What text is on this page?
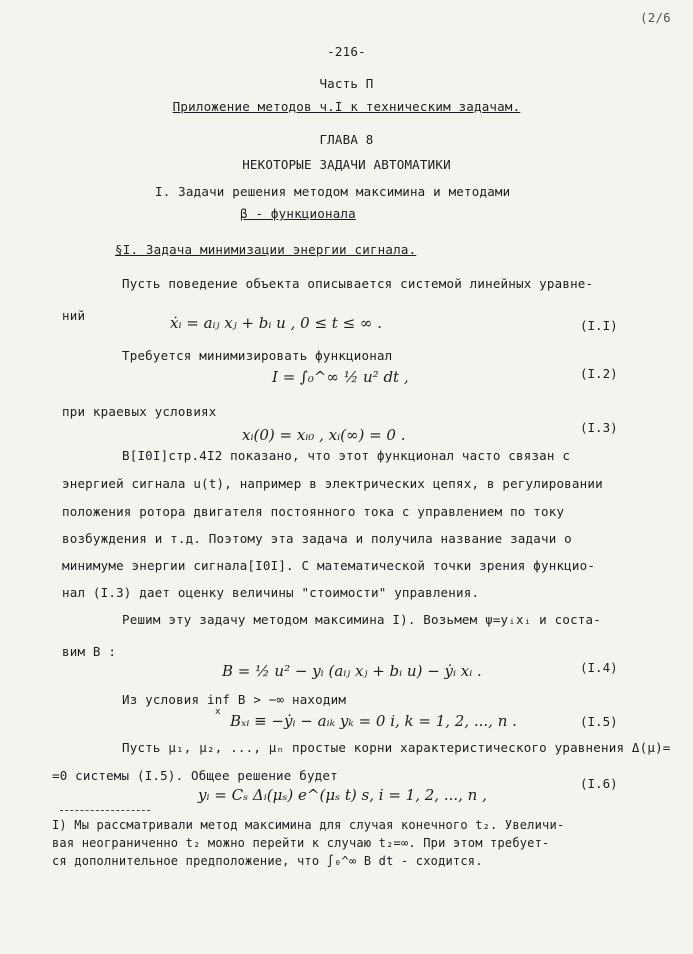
(2/6
-216-
Часть П
Приложение методов ч.I к техническим задачам.
ГЛАВА 8
НЕКОТОРЫЕ ЗАДАЧИ АВТОМАТИКИ
I. Задачи решения методом максимина и методами
β - функционала
§I. Задача минимизации энергии сигнала.
Пусть поведение объекта описывается системой линейных уравне-
ний	ẋᵢ = aᵢⱼ xⱼ + bᵢ u , 0 ≤ t ≤ ∞ .	(I.I)
Требуется минимизировать функционал
I = ∫₀^∞ ½ u² dt ,	(I.2)
при краевых условиях
xᵢ(0) = xᵢ₀ , xᵢ(∞) = 0 .	(I.3)
В[I0I]стр.4I2 показано, что этот функционал часто связан с
энергией сигнала u(t), например в электрических цепях, в регулировании
положения ротора двигателя постоянного тока с управлением по току
возбуждения и т.д. Поэтому эта задача и получила название задачи о
минимуме энергии сигнала[I0I]. С математической точки зрения функцио-
нал (I.3) дает оценку величины "стоимости" управления.
Решим эту задачу методом максимина I). Возьмем ψ=yᵢxᵢ и соста-
вим B :
B = ½ u² − yᵢ (aᵢⱼ xⱼ + bᵢ u) − ẏᵢ xᵢ .	(I.4)
Из условия inf B > −∞ находим
x Bₓᵢ ≡ −ẏᵢ − aᵢₖ yₖ = 0 i, k = 1, 2, ..., n .	(I.5)
Пусть μ₁, μ₂, ..., μₙ простые корни характеристического уравнения Δ(μ)=
=0 системы (I.5). Общее решение будет
yᵢ = Cₛ Δᵢ(μₛ) e^(μₛ t) s, i = 1, 2, ..., n ,
(I.6)
I) Мы рассматривали метод максимина для случая конечного t₂. Увеличи-
вая неограниченно t₂ можно перейти к случаю t₂=∞. При этом требует-
ся дополнительное предположение, что ∫₀^∞ B dt - сходится.
